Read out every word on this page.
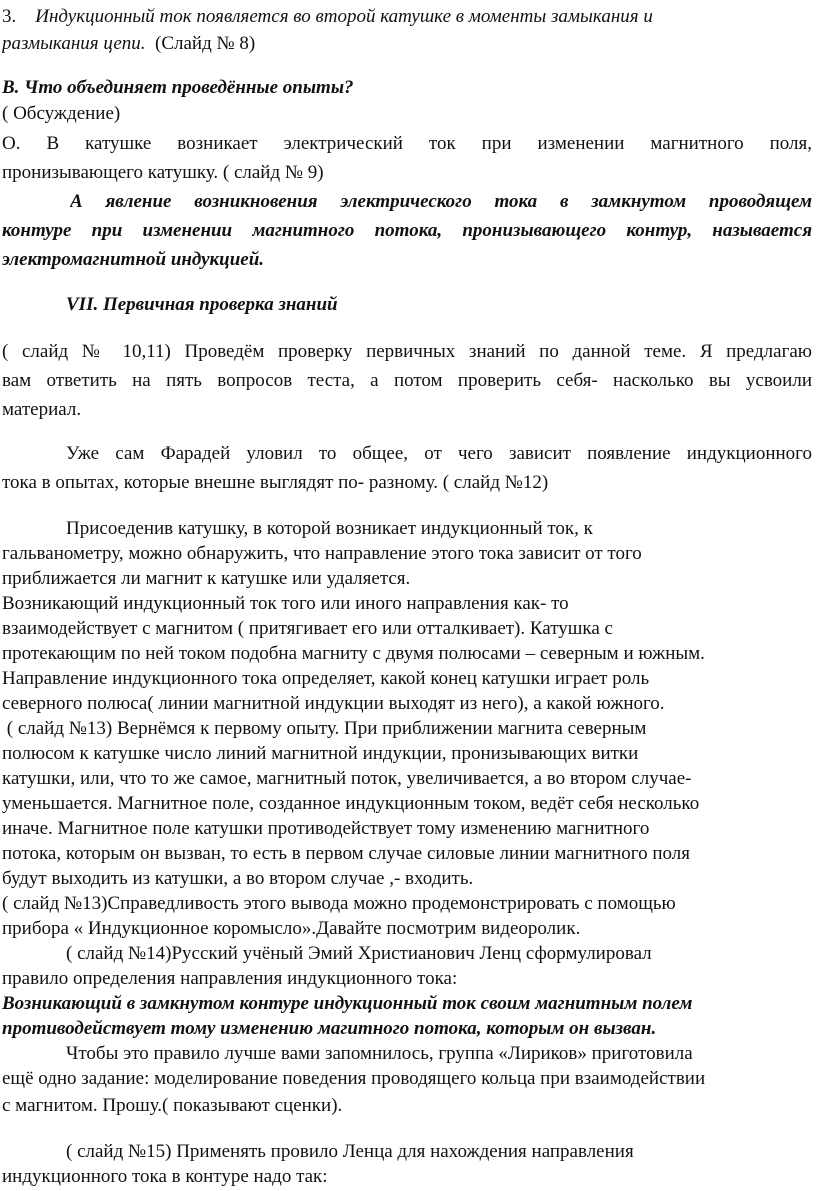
3. Индукционный ток появляется во второй катушке в моменты замыкания и
размыкания цепи. (Слайд № 8)
В. Что объединяет проведённые опыты?
( Обсуждение)
О. В катушке возникает электрический ток при изменении магнитного поля,
пронизывающего катушку. ( слайд № 9)
А явление возникновения электрического тока в замкнутом проводящем
контуре при изменении магнитного потока, пронизывающего контур, называется
электромагнитной индукцией.
VII. Первичная проверка знаний
( слайд № 10,11) Проведём проверку первичных знаний по данной теме. Я предлагаю
вам ответить на пять вопросов теста, а потом проверить себя- насколько вы усвоили
материал.
Уже сам Фарадей уловил то общее, от чего зависит появление индукционного
тока в опытах, которые внешне выглядят по- разному. ( слайд №12)
Присоеденив катушку, в которой возникает индукционный ток, к
гальванометру, можно обнаружить, что направление этого тока зависит от того
приближается ли магнит к катушке или удаляется.
Возникающий индукционный ток того или иного направления как- то
взаимодействует с магнитом ( притягивает его или отталкивает). Катушка с
протекающим по ней током подобна магниту с двумя полюсами – северным и южным.
Направление индукционного тока определяет, какой конец катушки играет роль
северного полюса( линии магнитной индукции выходят из него), а какой южного.
( слайд №13) Вернёмся к первому опыту. При приближении магнита северным
полюсом к катушке число линий магнитной индукции, пронизывающих витки
катушки, или, что то же самое, магнитный поток, увеличивается, а во втором случае-
уменьшается. Магнитное поле, созданное индукционным током, ведёт себя несколько
иначе. Магнитное поле катушки противодействует тому изменению магнитного
потока, которым он вызван, то есть в первом случае силовые линии магнитного поля
будут выходить из катушки, а во втором случае ,- входить.
( слайд №13)Справедливость этого вывода можно продемонстрировать с помощью
прибора « Индукционное коромысло».Давайте посмотрим видеоролик.
( слайд №14)Русский учёный Эмий Христианович Ленц сформулировал
правило определения направления индукционного тока:
Возникающий в замкнутом контуре индукционный ток своим магнитным полем
противодействует тому изменению магитного потока, которым он вызван.
Чтобы это правило лучше вами запомнилось, группа «Лириков» приготовила
ещё одно задание: моделирование поведения проводящего кольца при взаимодействии
с магнитом. Прошу.( показывают сценки).
( слайд №15) Применять провило Ленца для нахождения направления
индукционного тока в контуре надо так:
